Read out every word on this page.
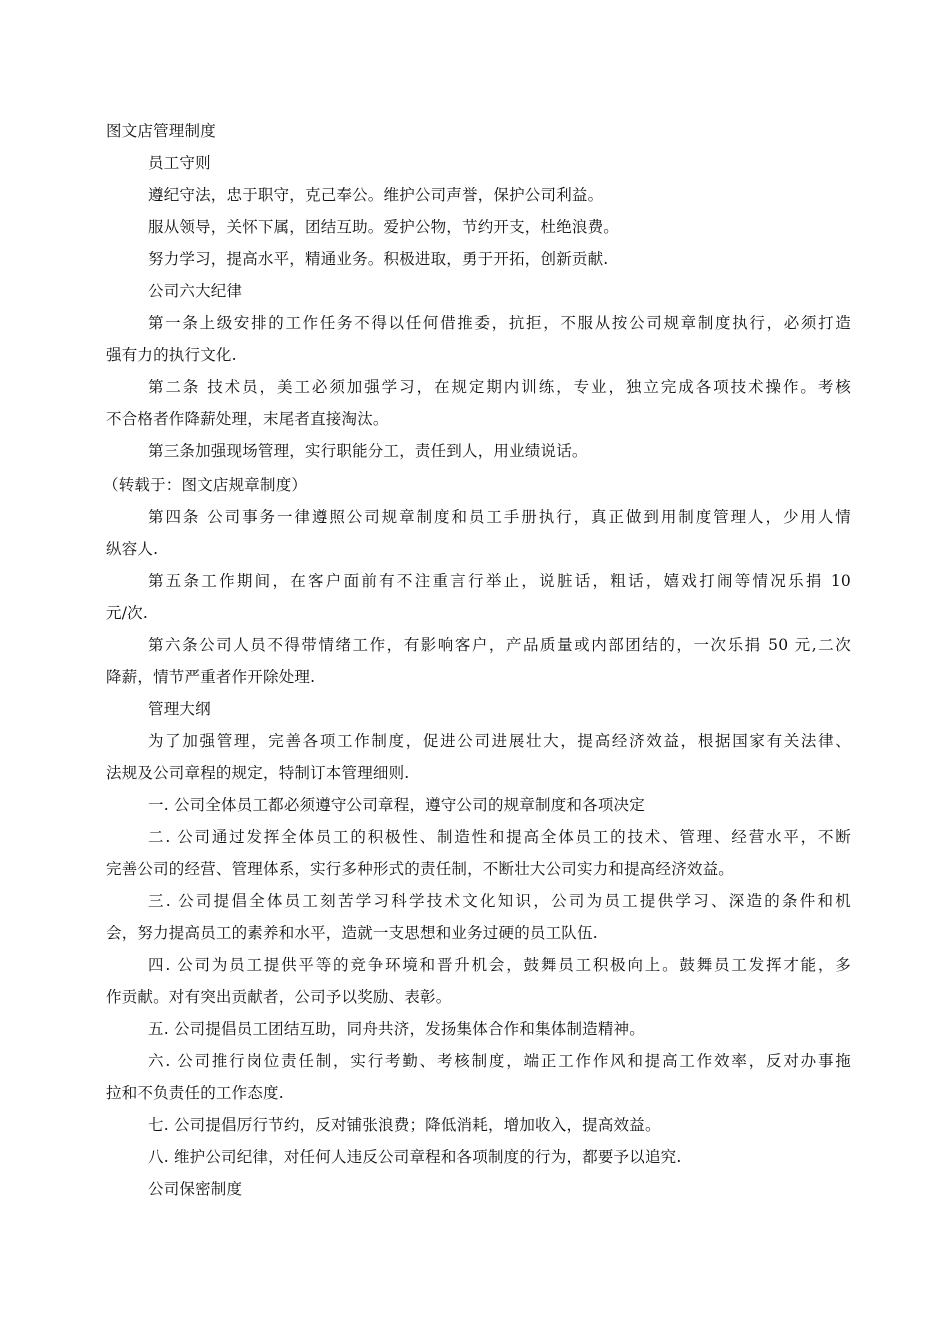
图文店管理制度
员工守则
遵纪守法，忠于职守，克己奉公。维护公司声誉，保护公司利益。
服从领导，关怀下属，团结互助。爱护公物，节约开支，杜绝浪费。
努力学习，提高水平，精通业务。积极进取，勇于开拓，创新贡献.
公司六大纪律
第一条上级安排的工作任务不得以任何借推委，抗拒，不服从按公司规章制度执行，必须打造
强有力的执行文化.
第二条 技术员，美工必须加强学习，在规定期内训练，专业，独立完成各项技术操作。考核
不合格者作降薪处理，末尾者直接淘汰。
第三条加强现场管理，实行职能分工，责任到人，用业绩说话。
（转载于：图文店规章制度）
第四条 公司事务一律遵照公司规章制度和员工手册执行，真正做到用制度管理人，少用人情
纵容人.
第五条工作期间，在客户面前有不注重言行举止，说脏话，粗话，嬉戏打闹等情况乐捐 10
元/次.
第六条公司人员不得带情绪工作，有影响客户，产品质量或内部团结的，一次乐捐 50 元,二次
降薪，情节严重者作开除处理.
管理大纲
为了加强管理，完善各项工作制度，促进公司进展壮大，提高经济效益，根据国家有关法律、
法规及公司章程的规定，特制订本管理细则.
一. 公司全体员工都必须遵守公司章程，遵守公司的规章制度和各项决定
二. 公司通过发挥全体员工的积极性、制造性和提高全体员工的技术、管理、经营水平，不断
完善公司的经营、管理体系，实行多种形式的责任制，不断壮大公司实力和提高经济效益。
三. 公司提倡全体员工刻苦学习科学技术文化知识，公司为员工提供学习、深造的条件和机
会，努力提高员工的素养和水平，造就一支思想和业务过硬的员工队伍.
四. 公司为员工提供平等的竞争环境和晋升机会，鼓舞员工积极向上。鼓舞员工发挥才能，多
作贡献。对有突出贡献者，公司予以奖励、表彰。
五. 公司提倡员工团结互助，同舟共济，发扬集体合作和集体制造精神。
六. 公司推行岗位责任制，实行考勤、考核制度，端正工作作风和提高工作效率，反对办事拖
拉和不负责任的工作态度.
七. 公司提倡厉行节约，反对铺张浪费；降低消耗，增加收入，提高效益。
八. 维护公司纪律，对任何人违反公司章程和各项制度的行为，都要予以追究.
公司保密制度
